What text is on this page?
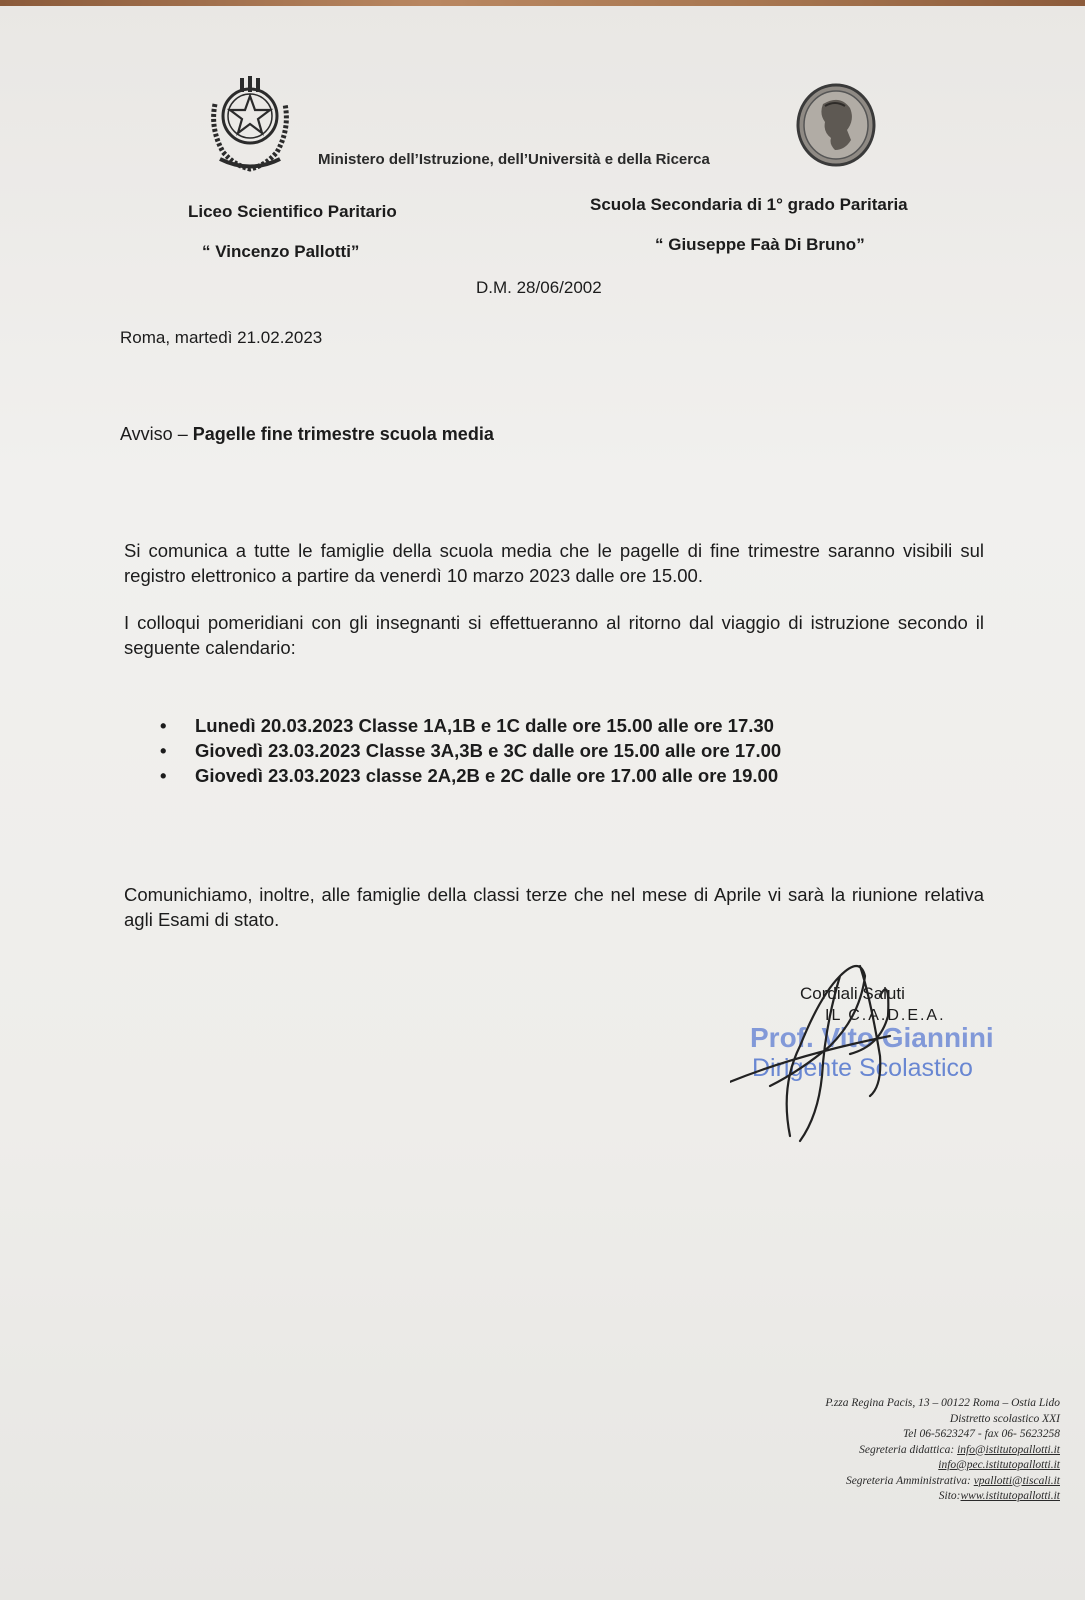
Ministero dell’Istruzione, dell’Università e della Ricerca
Liceo Scientifico Paritario
“ Vincenzo Pallotti”
Scuola Secondaria di 1° grado Paritaria
“ Giuseppe Faà Di Bruno”
D.M. 28/06/2002
Roma, martedì 21.02.2023
Avviso – Pagelle fine trimestre scuola media
Si comunica a tutte le famiglie della scuola media che le pagelle di fine trimestre saranno visibili sul registro elettronico a partire da venerdì 10 marzo 2023 dalle ore 15.00.
I colloqui pomeridiani con gli insegnanti si effettueranno al ritorno dal viaggio di istruzione secondo il seguente calendario:
• Lunedì 20.03.2023 Classe 1A,1B e 1C dalle ore 15.00 alle ore 17.30
• Giovedì 23.03.2023 Classe 3A,3B e 3C dalle ore 15.00 alle ore 17.00
• Giovedì 23.03.2023 classe 2A,2B e 2C dalle ore 17.00 alle ore 19.00
Comunichiamo, inoltre, alle famiglie della classi terze che nel mese di Aprile vi sarà la riunione relativa agli Esami di stato.
Prof. Vito Giannini
Dirigente Scolastico
Cordiali Saluti
IL C.A.D.E.A.
P.zza Regina Pacis, 13 – 00122 Roma – Ostia Lido
Distretto scolastico XXI
Tel 06-5623247 - fax 06- 5623258
Segreteria didattica: info@istitutopallotti.it
info@pec.istitutopallotti.it
Segreteria Amministrativa: vpallotti@tiscali.it
Sito:www.istitutopallotti.it
